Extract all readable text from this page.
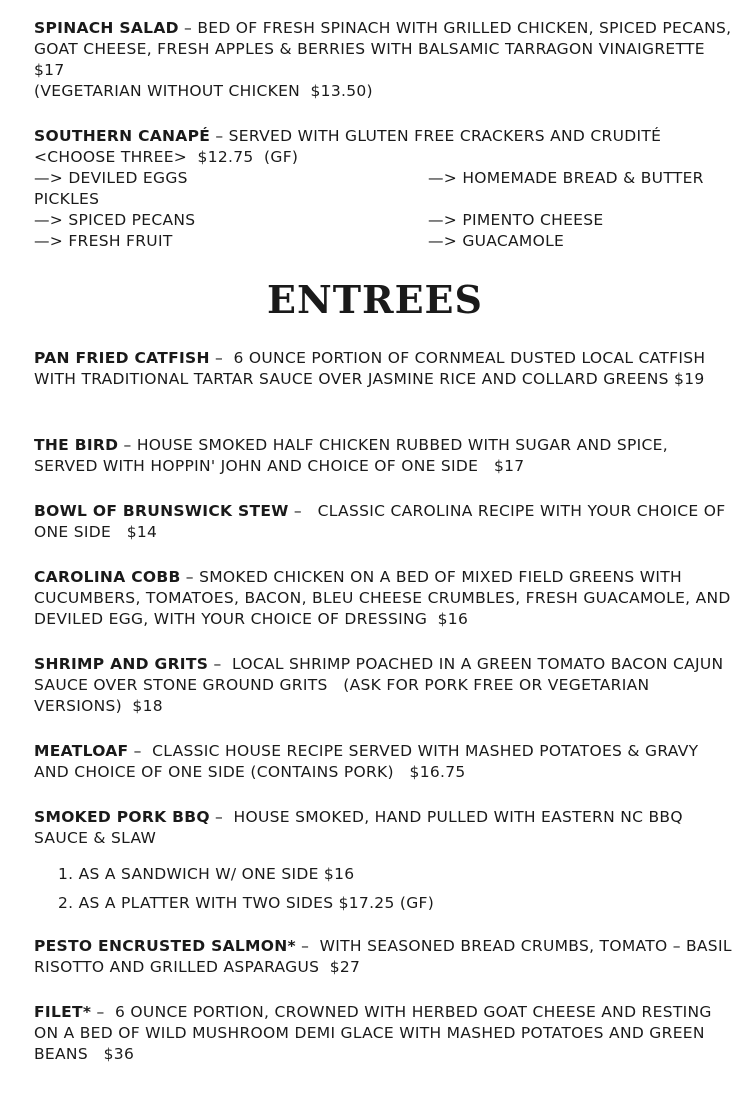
SPINACH SALAD – BED OF FRESH SPINACH WITH GRILLED CHICKEN, SPICED PECANS, GOAT CHEESE, FRESH APPLES & BERRIES WITH BALSAMIC TARRAGON VINAIGRETTE   $17
(VEGETARIAN WITHOUT CHICKEN  $13.50)
SOUTHERN CANAPÉ – SERVED WITH GLUTEN FREE CRACKERS AND CRUDITÉ <CHOOSE THREE>  $12.75  (GF)
—> DEVILED EGGS	—> HOMEMADE BREAD & BUTTER
PICKLES
—> SPICED PECANS	—> PIMENTO CHEESE
—> FRESH FRUIT	—> GUACAMOLE
ENTREES
PAN FRIED CATFISH –  6 OUNCE PORTION OF CORNMEAL DUSTED LOCAL CATFISH WITH TRADITIONAL TARTAR SAUCE OVER JASMINE RICE AND COLLARD GREENS $19
THE BIRD – HOUSE SMOKED HALF CHICKEN RUBBED WITH SUGAR AND SPICE, SERVED WITH HOPPIN' JOHN AND CHOICE OF ONE SIDE   $17
BOWL OF BRUNSWICK STEW –   CLASSIC CAROLINA RECIPE WITH YOUR CHOICE OF ONE SIDE   $14
CAROLINA COBB – SMOKED CHICKEN ON A BED OF MIXED FIELD GREENS WITH CUCUMBERS, TOMATOES, BACON, BLEU CHEESE CRUMBLES, FRESH GUACAMOLE, AND DEVILED EGG, WITH YOUR CHOICE OF DRESSING  $16
SHRIMP AND GRITS –  LOCAL SHRIMP POACHED IN A GREEN TOMATO BACON CAJUN SAUCE OVER STONE GROUND GRITS   (ASK FOR PORK FREE OR VEGETARIAN VERSIONS)  $18
MEATLOAF –  CLASSIC HOUSE RECIPE SERVED WITH MASHED POTATOES & GRAVY AND CHOICE OF ONE SIDE (CONTAINS PORK)   $16.75
SMOKED PORK BBQ –  HOUSE SMOKED, HAND PULLED WITH EASTERN NC BBQ SAUCE & SLAW
1. AS A SANDWICH W/ ONE SIDE $16
2. AS A PLATTER WITH TWO SIDES $17.25 (GF)
PESTO ENCRUSTED SALMON* –  WITH SEASONED BREAD CRUMBS, TOMATO – BASIL RISOTTO AND GRILLED ASPARAGUS  $27
FILET* –  6 OUNCE PORTION, CROWNED WITH HERBED GOAT CHEESE AND RESTING ON A BED OF WILD MUSHROOM DEMI GLACE WITH MASHED POTATOES AND GREEN BEANS   $36
